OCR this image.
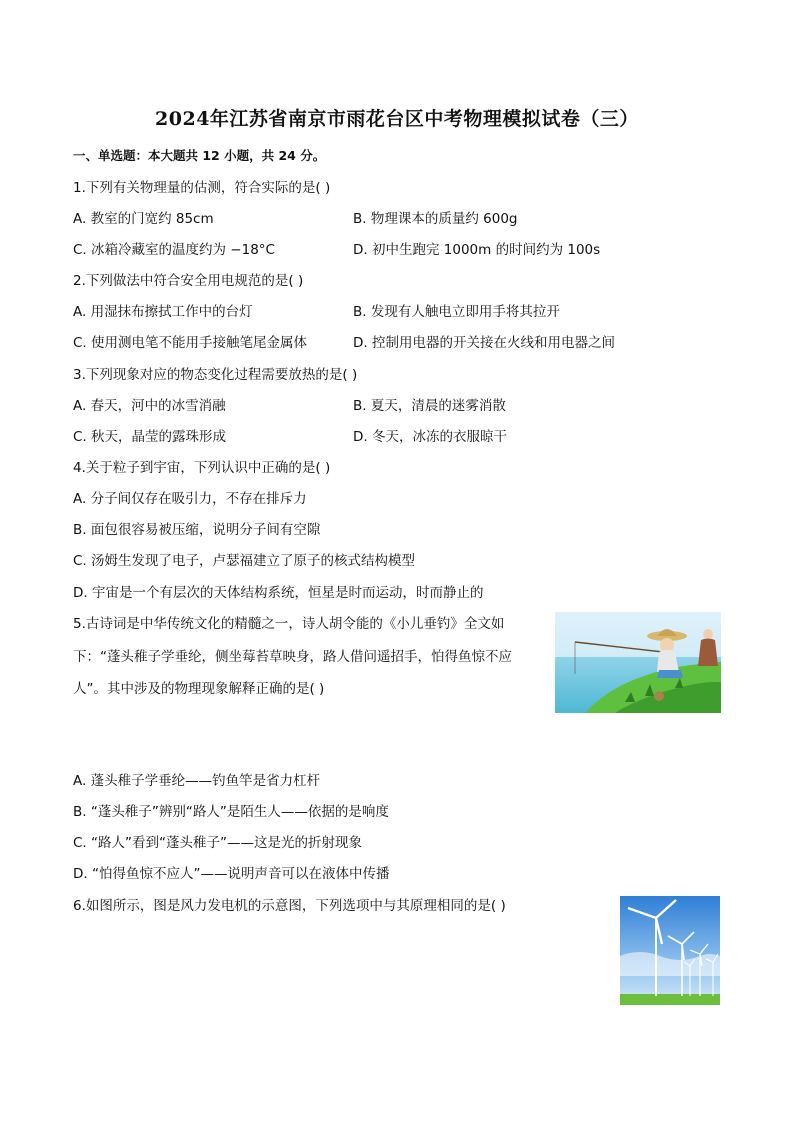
2024年江苏省南京市雨花台区中考物理模拟试卷（三）
一、单选题：本大题共 12 小题，共 24 分。
1.下列有关物理量的估测，符合实际的是( )
A. 教室的门宽约 85cm	B. 物理课本的质量约 600g
C. 冰箱冷藏室的温度约为 −18°C	D. 初中生跑完 1000m 的时间约为 100s
2.下列做法中符合安全用电规范的是( )
A. 用湿抹布擦拭工作中的台灯	B. 发现有人触电立即用手将其拉开
C. 使用测电笔不能用手接触笔尾金属体	D. 控制用电器的开关接在火线和用电器之间
3.下列现象对应的物态变化过程需要放热的是( )
A. 春天，河中的冰雪消融	B. 夏天，清晨的迷雾消散
C. 秋天，晶莹的露珠形成	D. 冬天，冰冻的衣服晾干
4.关于粒子到宇宙，下列认识中正确的是( )
A. 分子间仅存在吸引力，不存在排斥力
B. 面包很容易被压缩，说明分子间有空隙
C. 汤姆生发现了电子，卢瑟福建立了原子的核式结构模型
D. 宇宙是一个有层次的天体结构系统，恒星是时而运动，时而静止的
5.古诗词是中华传统文化的精髓之一，诗人胡令能的《小儿垂钓》全文如
下：“蓬头稚子学垂纶，侧坐莓苔草映身，路人借问遥招手，怕得鱼惊不应
人”。其中涉及的物理现象解释正确的是( )
A. 蓬头稚子学垂纶——钓鱼竿是省力杠杆
B. “蓬头稚子”辨别“路人”是陌生人——依据的是响度
C. “路人”看到“蓬头稚子”——这是光的折射现象
D. “怕得鱼惊不应人”——说明声音可以在液体中传播
6.如图所示，图是风力发电机的示意图，下列选项中与其原理相同的是( )
